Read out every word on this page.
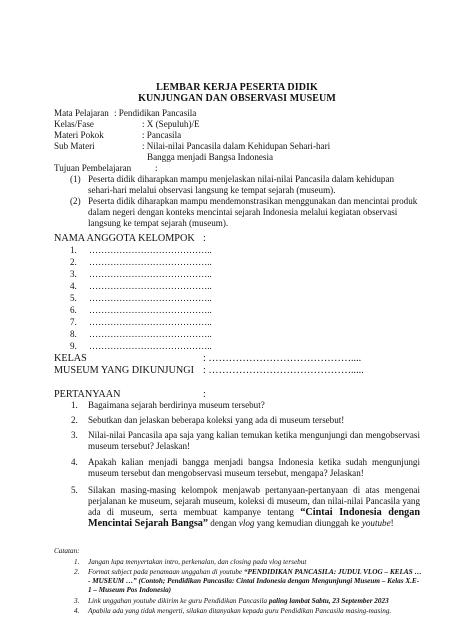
LEMBAR KERJA PESERTA DIDIK
KUNJUNGAN DAN OBSERVASI MUSEUM
Mata Pelajaran : Pendidikan Pancasila
Kelas/Fase	: X (Sepuluh)/E
Materi Pokok	: Pancasila
Sub Materi	: Nilai-nilai Pancasila dalam Kehidupan Sehari-hari
Bangga menjadi Bangsa Indonesia
Tujuan Pembelajaran	:
(1) Peserta didik diharapkan mampu menjelaskan nilai-nilai Pancasila dalam kehidupan sehari-hari melalui observasi langsung ke tempat sejarah (museum).
(2) Peserta didik diharapkan mampu mendemonstrasikan menggunakan dan mencintai produk dalam negeri dengan konteks mencintai sejarah Indonesia melalui kegiatan observasi langsung ke tempat sejarah (museum).
NAMA ANGGOTA KELOMPOK :
1. …………………………………..
2. …………………………………..
3. …………………………………..
4. …………………………………..
5. …………………………………..
6. …………………………………..
7. …………………………………..
8. …………………………………..
9. …………………………………..
KELAS	: ……………………………………....
MUSEUM YANG DIKUNJUNGI : …………………………………….....
PERTANYAAN	:
1. Bagaimana sejarah berdirinya museum tersebut?
2. Sebutkan dan jelaskan beberapa koleksi yang ada di museum tersebut!
3. Nilai-nilai Pancasila apa saja yang kalian temukan ketika mengunjungi dan mengobservasi museum tersebut? Jelaskan!
4. Apakah kalian menjadi bangga menjadi bangsa Indonesia ketika sudah mengunjungi museum tersebut dan mengobservasi museum tersebut, mengapa? Jelaskan!
5. Silakan masing-masing kelompok menjawab pertanyaan-pertanyaan di atas mengenai perjalanan ke museum, sejarah museum, koleksi di museum, dan nilai-nilai Pancasila yang ada di museum, serta membuat kampanye tentang “Cintai Indonesia dengan Mencintai Sejarah Bangsa” dengan vlog yang kemudian diunggah ke youtube!
Catatan:
1. Jangan lupa menyertakan intro, perkenalan, dan closing pada vlog tersebut
2. Format subject pada penamaan unggahan di youtube “PENDIDIKAN PANCASILA: JUDUL VLOG – KELAS … - MUSEUM …” (Contoh; Pendidikan Pancasila: Cintai Indonesia dengan Mengunjungi Museum – Kelas X.E-1 – Museum Pos Indonesia)
3. Link unggahan youtube dikirim ke guru Pendidikan Pancasila paling lambat Sabtu, 23 September 2023
4. Apabila ada yang tidak mengerti, silakan ditanyakan kepada guru Pendidikan Pancasila masing-masing.
